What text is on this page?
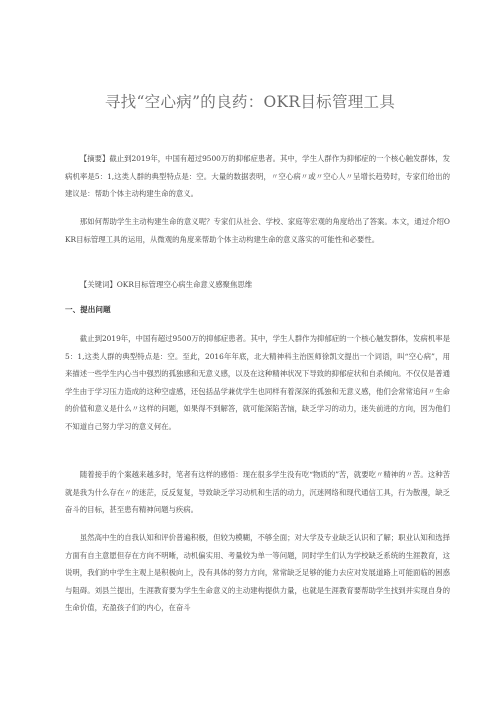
寻找“空心病”的良药：OKR目标管理工具

【摘要】截止到2019年，中国有超过9500万的抑郁症患者。其中，学生人群作为抑郁症的一个核心触发群体，发病机率是5：1,这类人群的典型特点是：空。大量的数据表明，〃空心病〃或〃空心人〃呈增长趋势时，专家们给出的建议是：帮助个体主动构建生命的意义。

那如何帮助学生主动构建生命的意义呢？专家们从社会、学校、家庭等宏观的角度给出了答案。本文，通过介绍OKR目标管理工具的运用，从微观的角度来帮助个体主动构建生命的意义落实的可能性和必要性。

【关键词】OKR目标管理空心病生命意义感聚焦思维

一、提出问题

截止到2019年，中国有超过9500万的抑郁症患者。其中，学生人群作为抑郁症的一个核心触发群体，发病机率是5：1,这类人群的典型特点是：空。至此，2016年年底，北大精神科主治医师徐凯文提出一个词语，叫“空心病”，用来描述一些学生内心当中强烈的孤独感和无意义感，以及在这种精神状况下导致的抑郁症状和自杀倾向。不仅仅是普通学生由于学习压力造成的这种空虚感，还包括品学兼优学生也同样有着深深的孤独和无意义感，他们会常常追问〃生命的价值和意义是什么〃这样的问题，如果得不到解答，就可能深陷苦恼，缺乏学习的动力，迷失前进的方向，因为他们不知道自己努力学习的意义何在。

随着接手的个案越来越多时，笔者有这样的感悟：现在很多学生没有吃“物质的”苦，就要吃〃精神的〃苦。这种苦就是我为什么存在〃的迷茫，反反复复，导致缺乏学习动机和生活的动力，沉迷网络和现代通信工具，行为散漫，缺乏奋斗的目标，甚至患有精神问题与疾病。

虽然高中生的自我认知和评价普遍积极，但较为模糊，不够全面；对大学及专业缺乏认识和了解；职业认知和选择方面有自主意愿但存在方向不明晰，动机偏实用、考量较为单一等问题，同时学生们认为学校缺乏系统的生涯教育，这说明，我们的中学生主观上是积极向上，没有具体的努力方向，常常缺乏足够的能力去应对发展道路上可能面临的困惑与阻碍。刘县兰提出，生涯教育要为学生生命意义的主动建构提供力量，也就是生涯教育要帮助学生找到并实现自身的生命价值，充盈孩子们的内心，在奋斗
